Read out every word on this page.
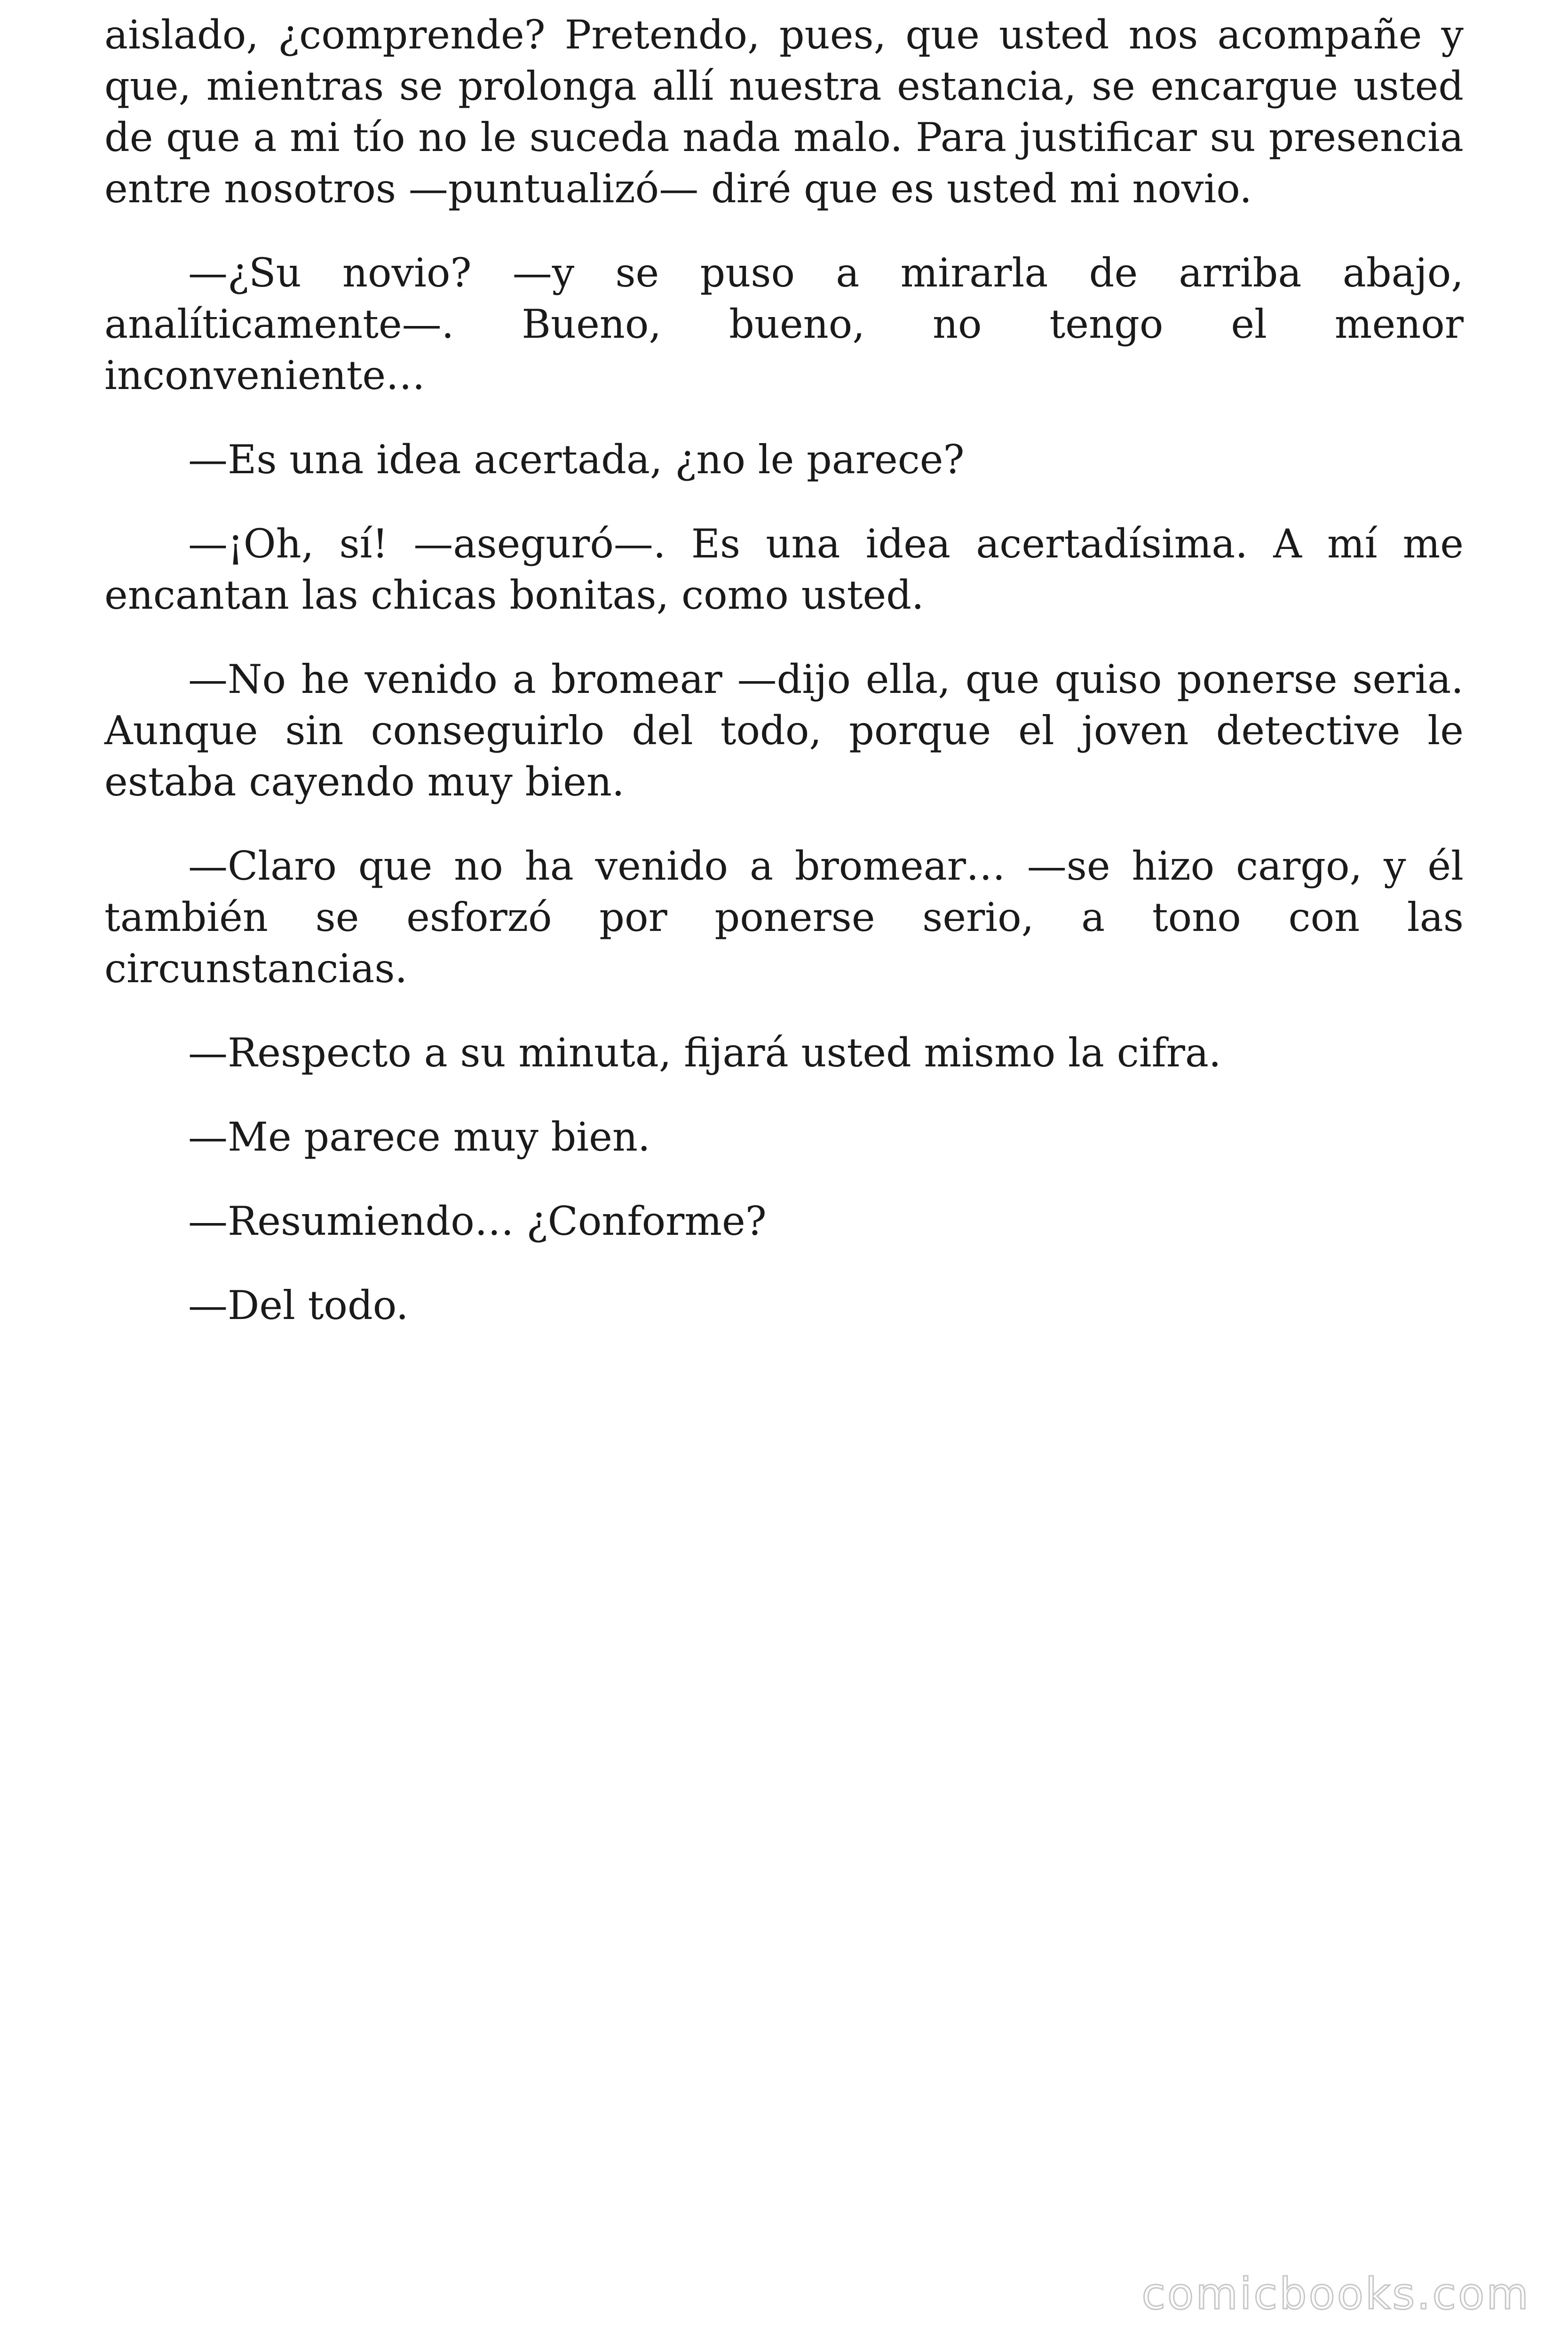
aislado, ¿comprende? Pretendo, pues, que usted nos acompañe y que, mientras se prolonga allí nuestra estancia, se encargue usted de que a mi tío no le suceda nada malo. Para justificar su presencia entre nosotros —puntualizó— diré que es usted mi novio.

—¿Su novio? —y se puso a mirarla de arriba abajo, analíticamente—. Bueno, bueno, no tengo el menor inconveniente…

—Es una idea acertada, ¿no le parece?

—¡Oh, sí! —aseguró—. Es una idea acertadísima. A mí me encantan las chicas bonitas, como usted.

—No he venido a bromear —dijo ella, que quiso ponerse seria. Aunque sin conseguirlo del todo, porque el joven detective le estaba cayendo muy bien.

—Claro que no ha venido a bromear… —se hizo cargo, y él también se esforzó por ponerse serio, a tono con las circunstancias.

—Respecto a su minuta, fijará usted mismo la cifra.

—Me parece muy bien.

—Resumiendo… ¿Conforme?

—Del todo.

comicbooks.com
